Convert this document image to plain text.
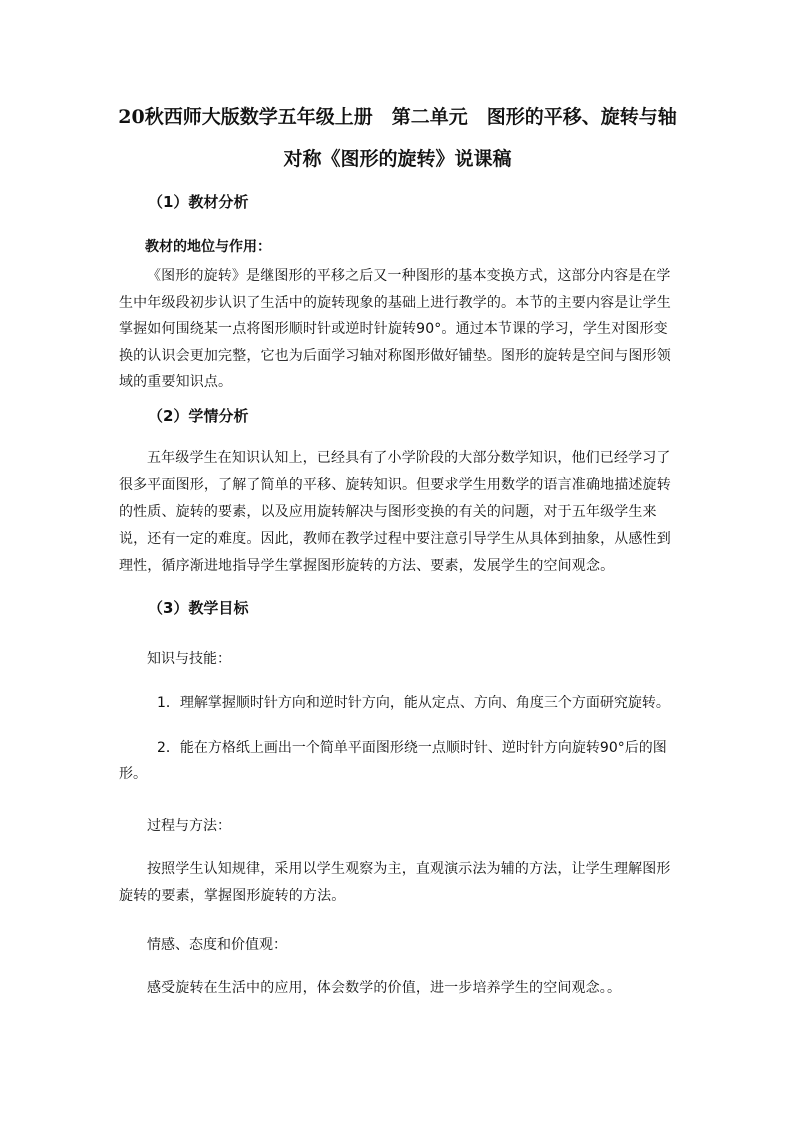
20秋西师大版数学五年级上册　第二单元　图形的平移、旋转与轴
对称《图形的旋转》说课稿
（1）教材分析
教材的地位与作用：
《图形的旋转》是继图形的平移之后又一种图形的基本变换方式，这部分内容是在学生中年级段初步认识了生活中的旋转现象的基础上进行教学的。本节的主要内容是让学生掌握如何围绕某一点将图形顺时针或逆时针旋转90°。通过本节课的学习，学生对图形变换的认识会更加完整，它也为后面学习轴对称图形做好铺垫。图形的旋转是空间与图形领域的重要知识点。
（2）学情分析
五年级学生在知识认知上，已经具有了小学阶段的大部分数学知识，他们已经学习了很多平面图形，了解了简单的平移、旋转知识。但要求学生用数学的语言准确地描述旋转的性质、旋转的要素，以及应用旋转解决与图形变换的有关的问题，对于五年级学生来说，还有一定的难度。因此，教师在教学过程中要注意引导学生从具体到抽象，从感性到理性，循序渐进地指导学生掌握图形旋转的方法、要素，发展学生的空间观念。
（3）教学目标
知识与技能：
1．理解掌握顺时针方向和逆时针方向，能从定点、方向、角度三个方面研究旋转。
2．能在方格纸上画出一个简单平面图形绕一点顺时针、逆时针方向旋转90°后的图形。
过程与方法：
按照学生认知规律，采用以学生观察为主，直观演示法为辅的方法，让学生理解图形旋转的要素，掌握图形旋转的方法。
情感、态度和价值观：
感受旋转在生活中的应用，体会数学的价值，进一步培养学生的空间观念。。
